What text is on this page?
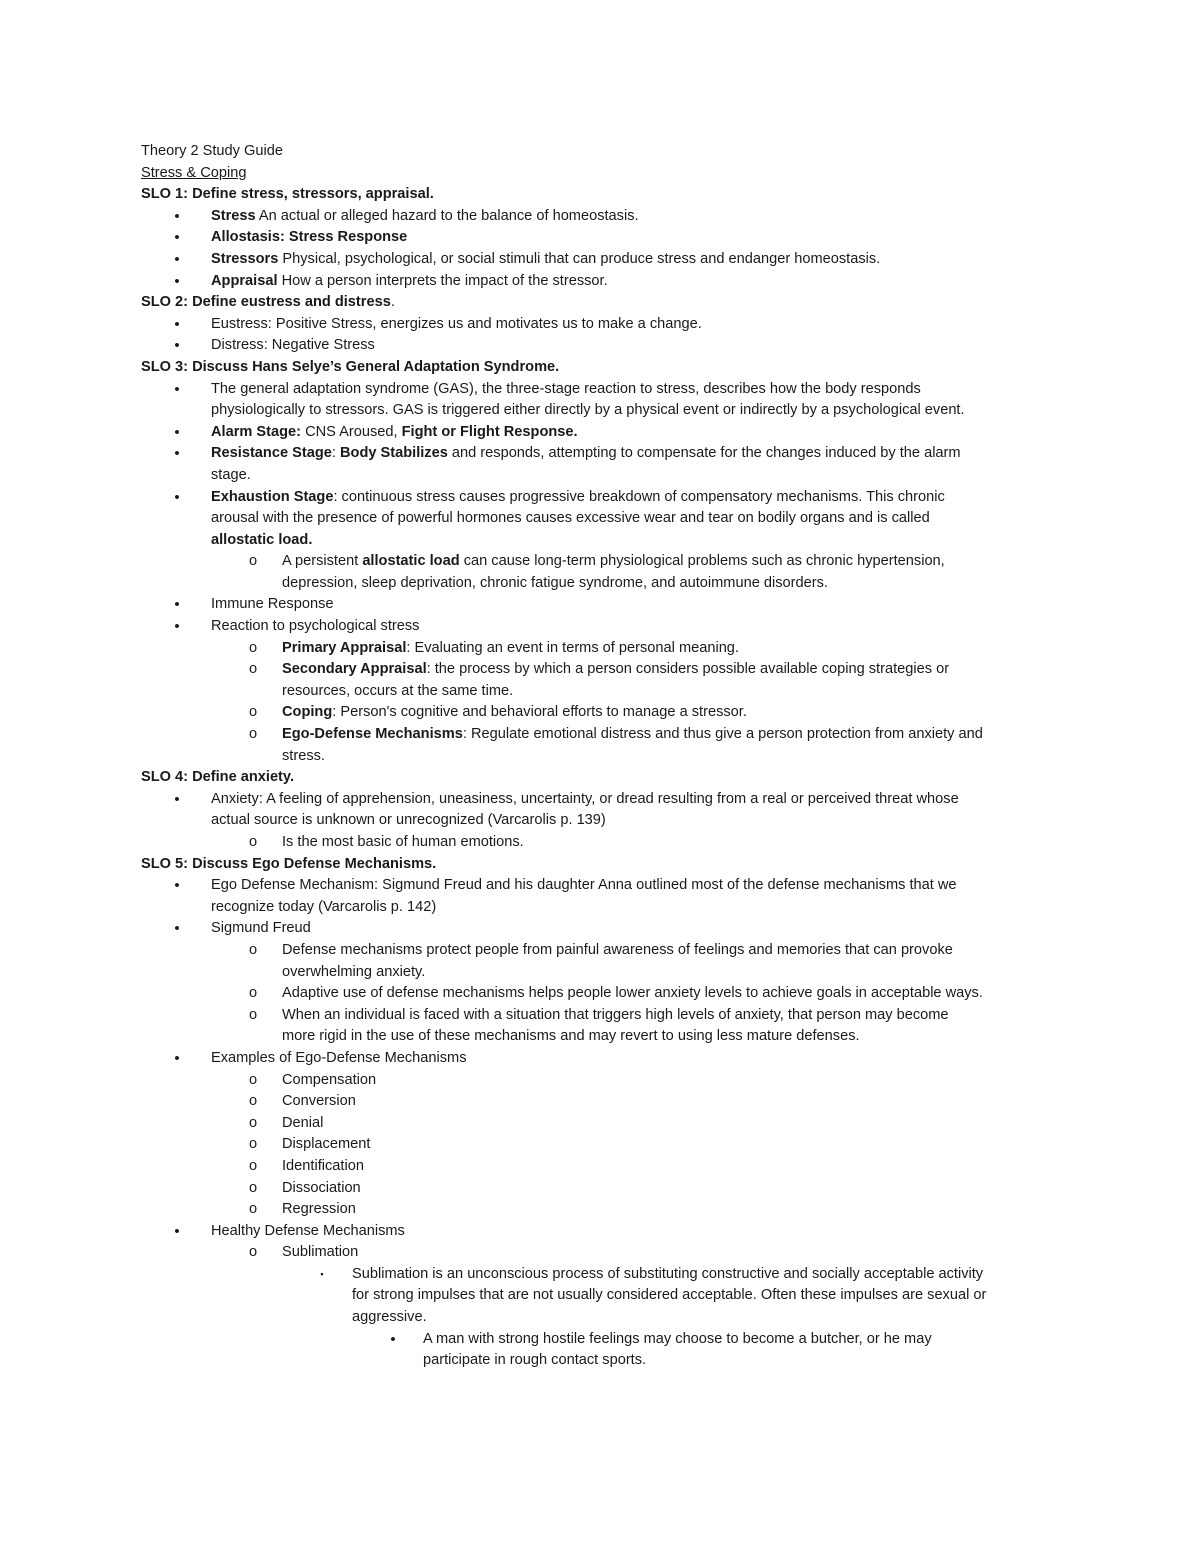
Theory 2 Study Guide
Stress & Coping
SLO 1: Define stress, stressors, appraisal.
• Stress An actual or alleged hazard to the balance of homeostasis.
• Allostasis: Stress Response
• Stressors Physical, psychological, or social stimuli that can produce stress and endanger homeostasis.
• Appraisal How a person interprets the impact of the stressor.
SLO 2: Define eustress and distress.
• Eustress: Positive Stress, energizes us and motivates us to make a change.
• Distress: Negative Stress
SLO 3: Discuss Hans Selye’s General Adaptation Syndrome.
• The general adaptation syndrome (GAS), the three-stage reaction to stress, describes how the body responds
physiologically to stressors. GAS is triggered either directly by a physical event or indirectly by a psychological event.
• Alarm Stage: CNS Aroused, Fight or Flight Response.
• Resistance Stage: Body Stabilizes and responds, attempting to compensate for the changes induced by the alarm
stage.
• Exhaustion Stage: continuous stress causes progressive breakdown of compensatory mechanisms. This chronic
arousal with the presence of powerful hormones causes excessive wear and tear on bodily organs and is called
allostatic load.
o A persistent allostatic load can cause long-term physiological problems such as chronic hypertension,
depression, sleep deprivation, chronic fatigue syndrome, and autoimmune disorders.
• Immune Response
• Reaction to psychological stress
o Primary Appraisal: Evaluating an event in terms of personal meaning.
o Secondary Appraisal: the process by which a person considers possible available coping strategies or
resources, occurs at the same time.
o Coping: Person's cognitive and behavioral efforts to manage a stressor.
o Ego-Defense Mechanisms: Regulate emotional distress and thus give a person protection from anxiety and
stress.
SLO 4: Define anxiety.
• Anxiety: A feeling of apprehension, uneasiness, uncertainty, or dread resulting from a real or perceived threat whose
actual source is unknown or unrecognized (Varcarolis p. 139)
o Is the most basic of human emotions.
SLO 5: Discuss Ego Defense Mechanisms.
• Ego Defense Mechanism: Sigmund Freud and his daughter Anna outlined most of the defense mechanisms that we
recognize today (Varcarolis p. 142)
• Sigmund Freud
o Defense mechanisms protect people from painful awareness of feelings and memories that can provoke
overwhelming anxiety.
o Adaptive use of defense mechanisms helps people lower anxiety levels to achieve goals in acceptable ways.
o When an individual is faced with a situation that triggers high levels of anxiety, that person may become
more rigid in the use of these mechanisms and may revert to using less mature defenses.
• Examples of Ego-Defense Mechanisms
o Compensation
o Conversion
o Denial
o Displacement
o Identification
o Dissociation
o Regression
• Healthy Defense Mechanisms
o Sublimation
▪	Sublimation is an unconscious process of substituting constructive and socially acceptable activity
for strong impulses that are not usually considered acceptable. Often these impulses are sexual or
aggressive.
• A man with strong hostile feelings may choose to become a butcher, or he may
participate in rough contact sports.
